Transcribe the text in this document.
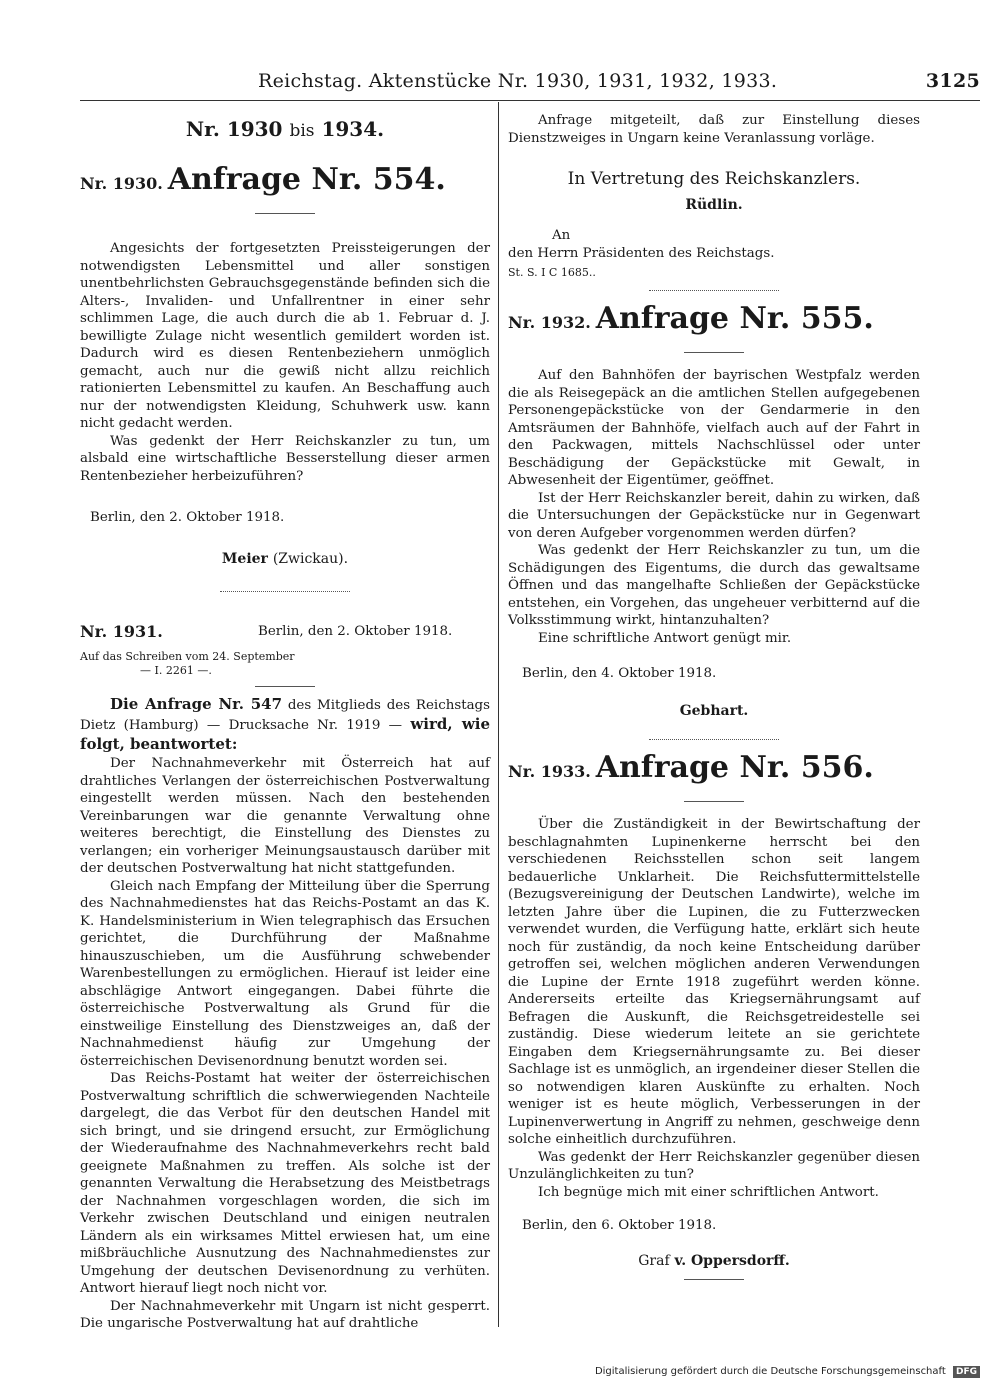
Reichstag. Aktenstücke Nr. 1930, 1931, 1932, 1933.	3125
Nr. 1930 bis 1934.
Nr. 1930. Anfrage Nr. 554.

Angesichts der fortgesetzten Preissteigerungen der notwendigsten Lebensmittel und aller sonstigen unentbehrlichsten Gebrauchsgegenstände befinden sich die Alters-, Invaliden- und Unfallrentner in einer sehr schlimmen Lage, die auch durch die ab 1. Februar d. J. bewilligte Zulage nicht wesentlich gemildert worden ist. Dadurch wird es diesen Rentenbeziehern unmöglich gemacht, auch nur die gewiß nicht allzu reichlich rationierten Lebensmittel zu kaufen. An Beschaffung auch nur der notwendigsten Kleidung, Schuhwerk usw. kann nicht gedacht werden.

Was gedenkt der Herr Reichskanzler zu tun, um alsbald eine wirtschaftliche Besserstellung dieser armen Rentenbezieher herbeizuführen?

Berlin, den 2. Oktober 1918.

Meier (Zwickau).

Nr. 1931.	Berlin, den 2. Oktober 1918.

Auf das Schreiben vom 24. September

— I. 2261 —.

Die Anfrage Nr. 547 des Mitglieds des Reichstags Dietz (Hamburg) — Drucksache Nr. 1919 — wird, wie folgt, beantwortet:

Der Nachnahmeverkehr mit Österreich hat auf drahtliches Verlangen der österreichischen Postverwaltung eingestellt werden müssen. Nach den bestehenden Vereinbarungen war die genannte Verwaltung ohne weiteres berechtigt, die Einstellung des Dienstes zu verlangen; ein vorheriger Meinungsaustausch darüber mit der deutschen Postverwaltung hat nicht stattgefunden.

Gleich nach Empfang der Mitteilung über die Sperrung des Nachnahmedienstes hat das Reichs-Postamt an das K. K. Handelsministerium in Wien telegraphisch das Ersuchen gerichtet, die Durchführung der Maßnahme hinauszuschieben, um die Ausführung schwebender Warenbestellungen zu ermöglichen. Hierauf ist leider eine abschlägige Antwort eingegangen. Dabei führte die österreichische Postverwaltung als Grund für die einstweilige Einstellung des Dienstzweiges an, daß der Nachnahmedienst häufig zur Umgehung der österreichischen Devisenordnung benutzt worden sei.

Das Reichs-Postamt hat weiter der österreichischen Postverwaltung schriftlich die schwerwiegenden Nachteile dargelegt, die das Verbot für den deutschen Handel mit sich bringt, und sie dringend ersucht, zur Ermöglichung der Wiederaufnahme des Nachnahmeverkehrs recht bald geeignete Maßnahmen zu treffen. Als solche ist der genannten Verwaltung die Herabsetzung des Meistbetrags der Nachnahmen vorgeschlagen worden, die sich im Verkehr zwischen Deutschland und einigen neutralen Ländern als ein wirksames Mittel erwiesen hat, um eine mißbräuchliche Ausnutzung des Nachnahmedienstes zur Umgehung der deutschen Devisenordnung zu verhüten. Antwort hierauf liegt noch nicht vor.

Der Nachnahmeverkehr mit Ungarn ist nicht gesperrt. Die ungarische Postverwaltung hat auf drahtliche

Anfrage mitgeteilt, daß zur Einstellung dieses Dienstzweiges in Ungarn keine Veranlassung vorläge.

In Vertretung des Reichskanzlers.

Rüdlin.

An

den Herrn Präsidenten des Reichstags.

St. S. I C 1685..

Nr. 1932. Anfrage Nr. 555.

Auf den Bahnhöfen der bayrischen Westpfalz werden die als Reisegepäck an die amtlichen Stellen aufgegebenen Personengepäckstücke von der Gendarmerie in den Amtsräumen der Bahnhöfe, vielfach auch auf der Fahrt in den Packwagen, mittels Nachschlüssel oder unter Beschädigung der Gepäckstücke mit Gewalt, in Abwesenheit der Eigentümer, geöffnet.

Ist der Herr Reichskanzler bereit, dahin zu wirken, daß die Untersuchungen der Gepäckstücke nur in Gegenwart von deren Aufgeber vorgenommen werden dürfen?

Was gedenkt der Herr Reichskanzler zu tun, um die Schädigungen des Eigentums, die durch das gewaltsame Öffnen und das mangelhafte Schließen der Gepäckstücke entstehen, ein Vorgehen, das ungeheuer verbitternd auf die Volksstimmung wirkt, hintanzuhalten?

Eine schriftliche Antwort genügt mir.

Berlin, den 4. Oktober 1918.

Gebhart.

Nr. 1933. Anfrage Nr. 556.

Über die Zuständigkeit in der Bewirtschaftung der beschlagnahmten Lupinenkerne herrscht bei den verschiedenen Reichsstellen schon seit langem bedauerliche Unklarheit. Die Reichsfuttermittelstelle (Bezugsvereinigung der Deutschen Landwirte), welche im letzten Jahre über die Lupinen, die zu Futterzwecken verwendet wurden, die Verfügung hatte, erklärt sich heute noch für zuständig, da noch keine Entscheidung darüber getroffen sei, welchen möglichen anderen Verwendungen die Lupine der Ernte 1918 zugeführt werden könne. Andererseits erteilte das Kriegsernährungsamt auf Befragen die Auskunft, die Reichsgetreidestelle sei zuständig. Diese wiederum leitete an sie gerichtete Eingaben dem Kriegsernährungsamte zu. Bei dieser Sachlage ist es unmöglich, an irgendeiner dieser Stellen die so notwendigen klaren Auskünfte zu erhalten. Noch weniger ist es heute möglich, Verbesserungen in der Lupinenverwertung in Angriff zu nehmen, geschweige denn solche einheitlich durchzuführen.

Was gedenkt der Herr Reichskanzler gegenüber diesen Unzulänglichkeiten zu tun?

Ich begnüge mich mit einer schriftlichen Antwort.

Berlin, den 6. Oktober 1918.

Graf v. Oppersdorff.

Digitalisierung gefördert durch die Deutsche Forschungsgemeinschaft DFG
